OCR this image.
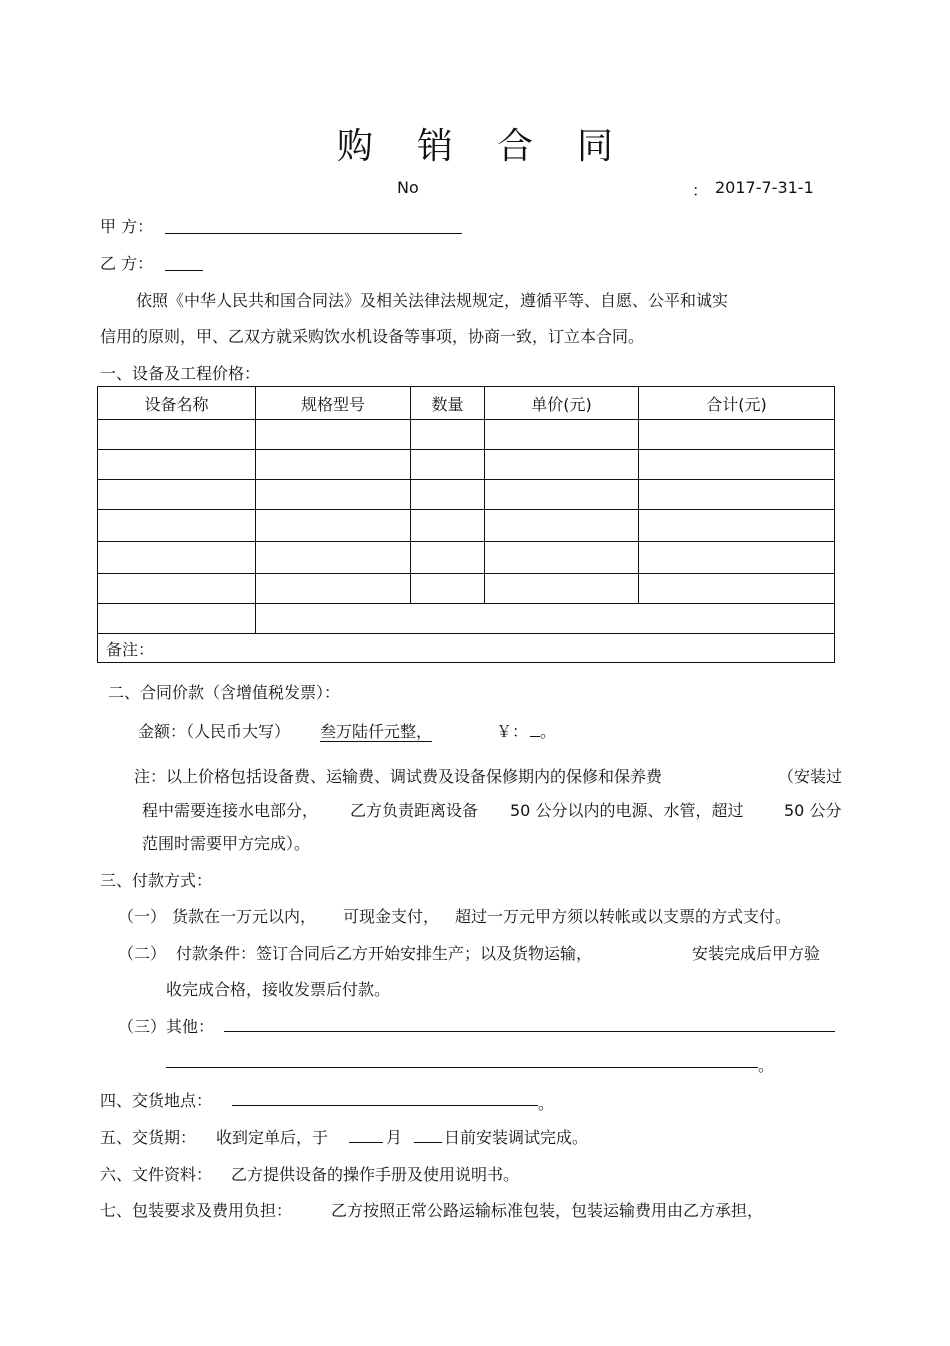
购 销 合 同
No	： 2017-7-31-1
甲 方：
乙 方：
依照《中华人民共和国合同法》及相关法律法规规定，遵循平等、自愿、公平和诚实
信用的原则，甲、乙双方就采购饮水机设备等事项，协商一致，订立本合同。
一、设备及工程价格：
设备名称	规格型号	数量	单价(元)	合计(元)

备注：				
二、合同价款（含增值税发票）：
金额：（人民币大写） 叁万陆仟元整，	￥： 。
注：以上价格包括设备费、运输费、调试费及设备保修期内的保修和保养费	（安装过
程中需要连接水电部分， 乙方负责距离设备 50 公分以内的电源、水管，超过	50 公分
范围时需要甲方完成）。
三、付款方式：
（一） 货款在一万元以内， 可现金支付， 超过一万元甲方须以转帐或以支票的方式支付。
（二） 付款条件：签订合同后乙方开始安排生产；以及货物运输，	安装完成后甲方验
收完成合格，接收发票后付款。
（三）其他：
。
四、交货地点：	。
五、交货期： 收到定单后，于	月	日前安装调试完成。
六、文件资料： 乙方提供设备的操作手册及使用说明书。
七、包装要求及费用负担： 乙方按照正常公路运输标准包装，包装运输费用由乙方承担，
